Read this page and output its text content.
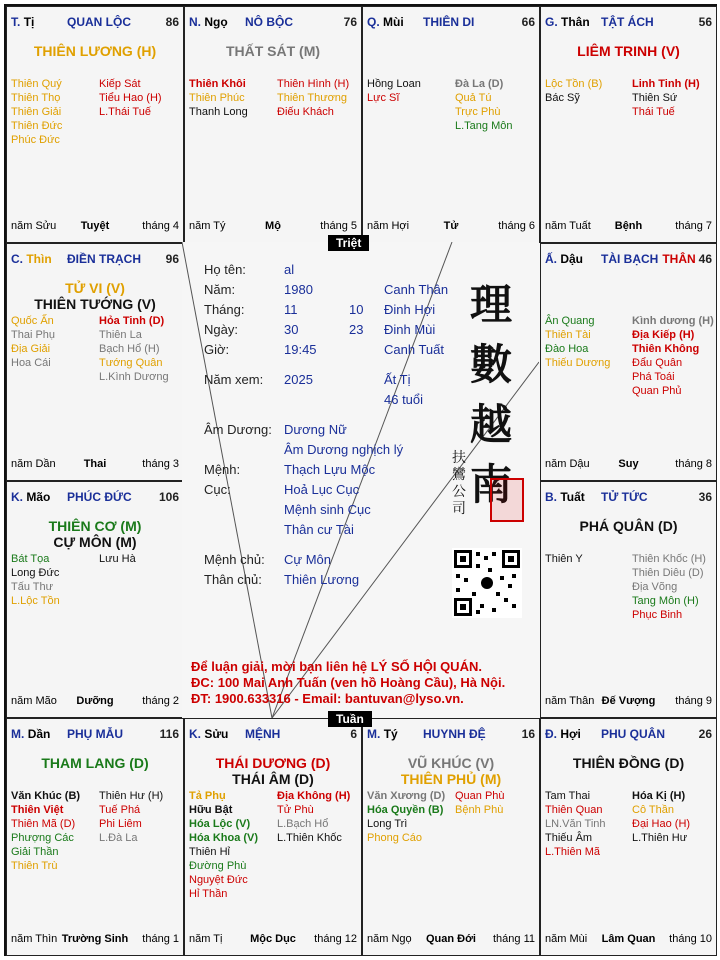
T. Tị	QUAN LỘC	86
THIÊN LƯƠNG (H)
Thiên Quý
Thiên Thọ
Thiên Giải
Thiên Đức
Phúc Đức
Kiếp Sát
Tiểu Hao (H)
L.Thái Tuế
năm Sửu	Tuyệt	tháng 4
N. Ngọ NÔ BỘC	76
THẤT SÁT (M)
Thiên Khôi
Thiên Phúc
Thanh Long
Thiên Hình (H)
Thiên Thương
Điếu Khách
năm Tý	Mộ	tháng 5
Q. Mùi THIÊN DI	66
Hồng Loan
Lực Sĩ
Đà La (D)
Quả Tú
Trực Phù
L.Tang Môn
năm Hợi	Tử	tháng 6
G. Thân TẬT ÁCH	56
LIÊM TRINH (V)
Lộc Tồn (B)
Bác Sỹ
Linh Tinh (H)
Thiên Sứ
Thái Tuế
năm Tuất	Bệnh	tháng 7
C. Thìn ĐIỀN TRẠCH	96
TỬ VI (V)
THIÊN TƯỚNG (V)
Quốc Ấn
Thai Phụ
Địa Giải
Hoa Cái
Hỏa Tinh (D)
Thiên La
Bạch Hổ (H)
Tướng Quân
L.Kình Dương
năm Dần	Thai	tháng 3
Ấ. Dậu TÀI BẠCH THÂN 46
Ân Quang
Thiên Tài
Đào Hoa
Thiếu Dương
Kình dương (H)
Địa Kiếp (H)
Thiên Không
Đẩu Quân
Phá Toái
Quan Phủ
năm Dậu	Suy	tháng 8
K. Mão PHÚC ĐỨC	106
THIÊN CƠ (M)
CỰ MÔN (M)
Bát Tọa
Long Đức
Tấu Thư
L.Lộc Tồn
Lưu Hà
năm Mão	Dưỡng	tháng 2
B. Tuất TỬ TỨC	36
PHÁ QUÂN (D)
Thiên Y	Thiên Khốc (H)
Thiên Diêu (D)
Địa Võng
Tang Môn (H)
Phục Binh
năm Thân Đế Vượng	tháng 9
M. Dần PHỤ MẪU	116
THAM LANG (D)
Văn Khúc (B)
Thiên Việt
Thiên Mã (D)
Phượng Các
Giải Thần
Thiên Trù
Thiên Hư (H)
Tuế Phá
Phi Liêm
L.Đà La
năm Thìn Trường Sinh	tháng 1
K. Sửu MỆNH	6
THÁI DƯƠNG (D)
THÁI ÂM (D)
Tả Phụ
Hữu Bật
Hóa Lộc (V)
Hóa Khoa (V)
Thiên Hỉ
Đường Phù
Nguyệt Đức
Hỉ Thần
Địa Không (H)
Tử Phù
L.Bạch Hổ
L.Thiên Khốc
năm Tị	Mộc Dục	tháng 12
M. Tý HUYNH ĐỆ	16
VŨ KHÚC (V)
THIÊN PHỦ (M)
Văn Xương (D)
Hóa Quyền (B)
Long Trì
Phong Cáo
Quan Phù
Bệnh Phù
năm Ngọ	Quan Đới	tháng 11
Đ. Hợi PHU QUÂN	26
THIÊN ĐỒNG (D)
Tam Thai
Thiên Quan
LN.Văn Tinh
Thiếu Âm
L.Thiên Mã
Hóa Kị (H)
Cô Thần
Đại Hao (H)
L.Thiên Hư
năm Mùi	Lâm Quan	tháng 10
Triệt
Tuần
Họ tên:	al
Năm:	1980	Canh Thân
Tháng:	11	10 Đinh Hợi
Ngày:	30	23 Đinh Mùi
Giờ:	19:45	Canh Tuất
Năm xem: 2025	Ất Tị
46 tuổi
Âm Dương: Dương Nữ
Âm Dương nghịch lý
Mệnh:	Thạch Lựu Mộc
Cục:	Hoả Lục Cục
Mệnh sinh Cục
Thân cư Tài
Mệnh chủ: Cự Môn
Thân chủ: Thiên Lương
理
數
越
南
扶鸞公司
Để luận giải, mời bạn liên hệ LÝ SỐ HỘI QUÁN.
ĐC: 100 Mai Anh Tuấn (ven hồ Hoàng Cầu), Hà Nội.
ĐT: 1900.633316 - Email: bantuvan@lyso.vn.
